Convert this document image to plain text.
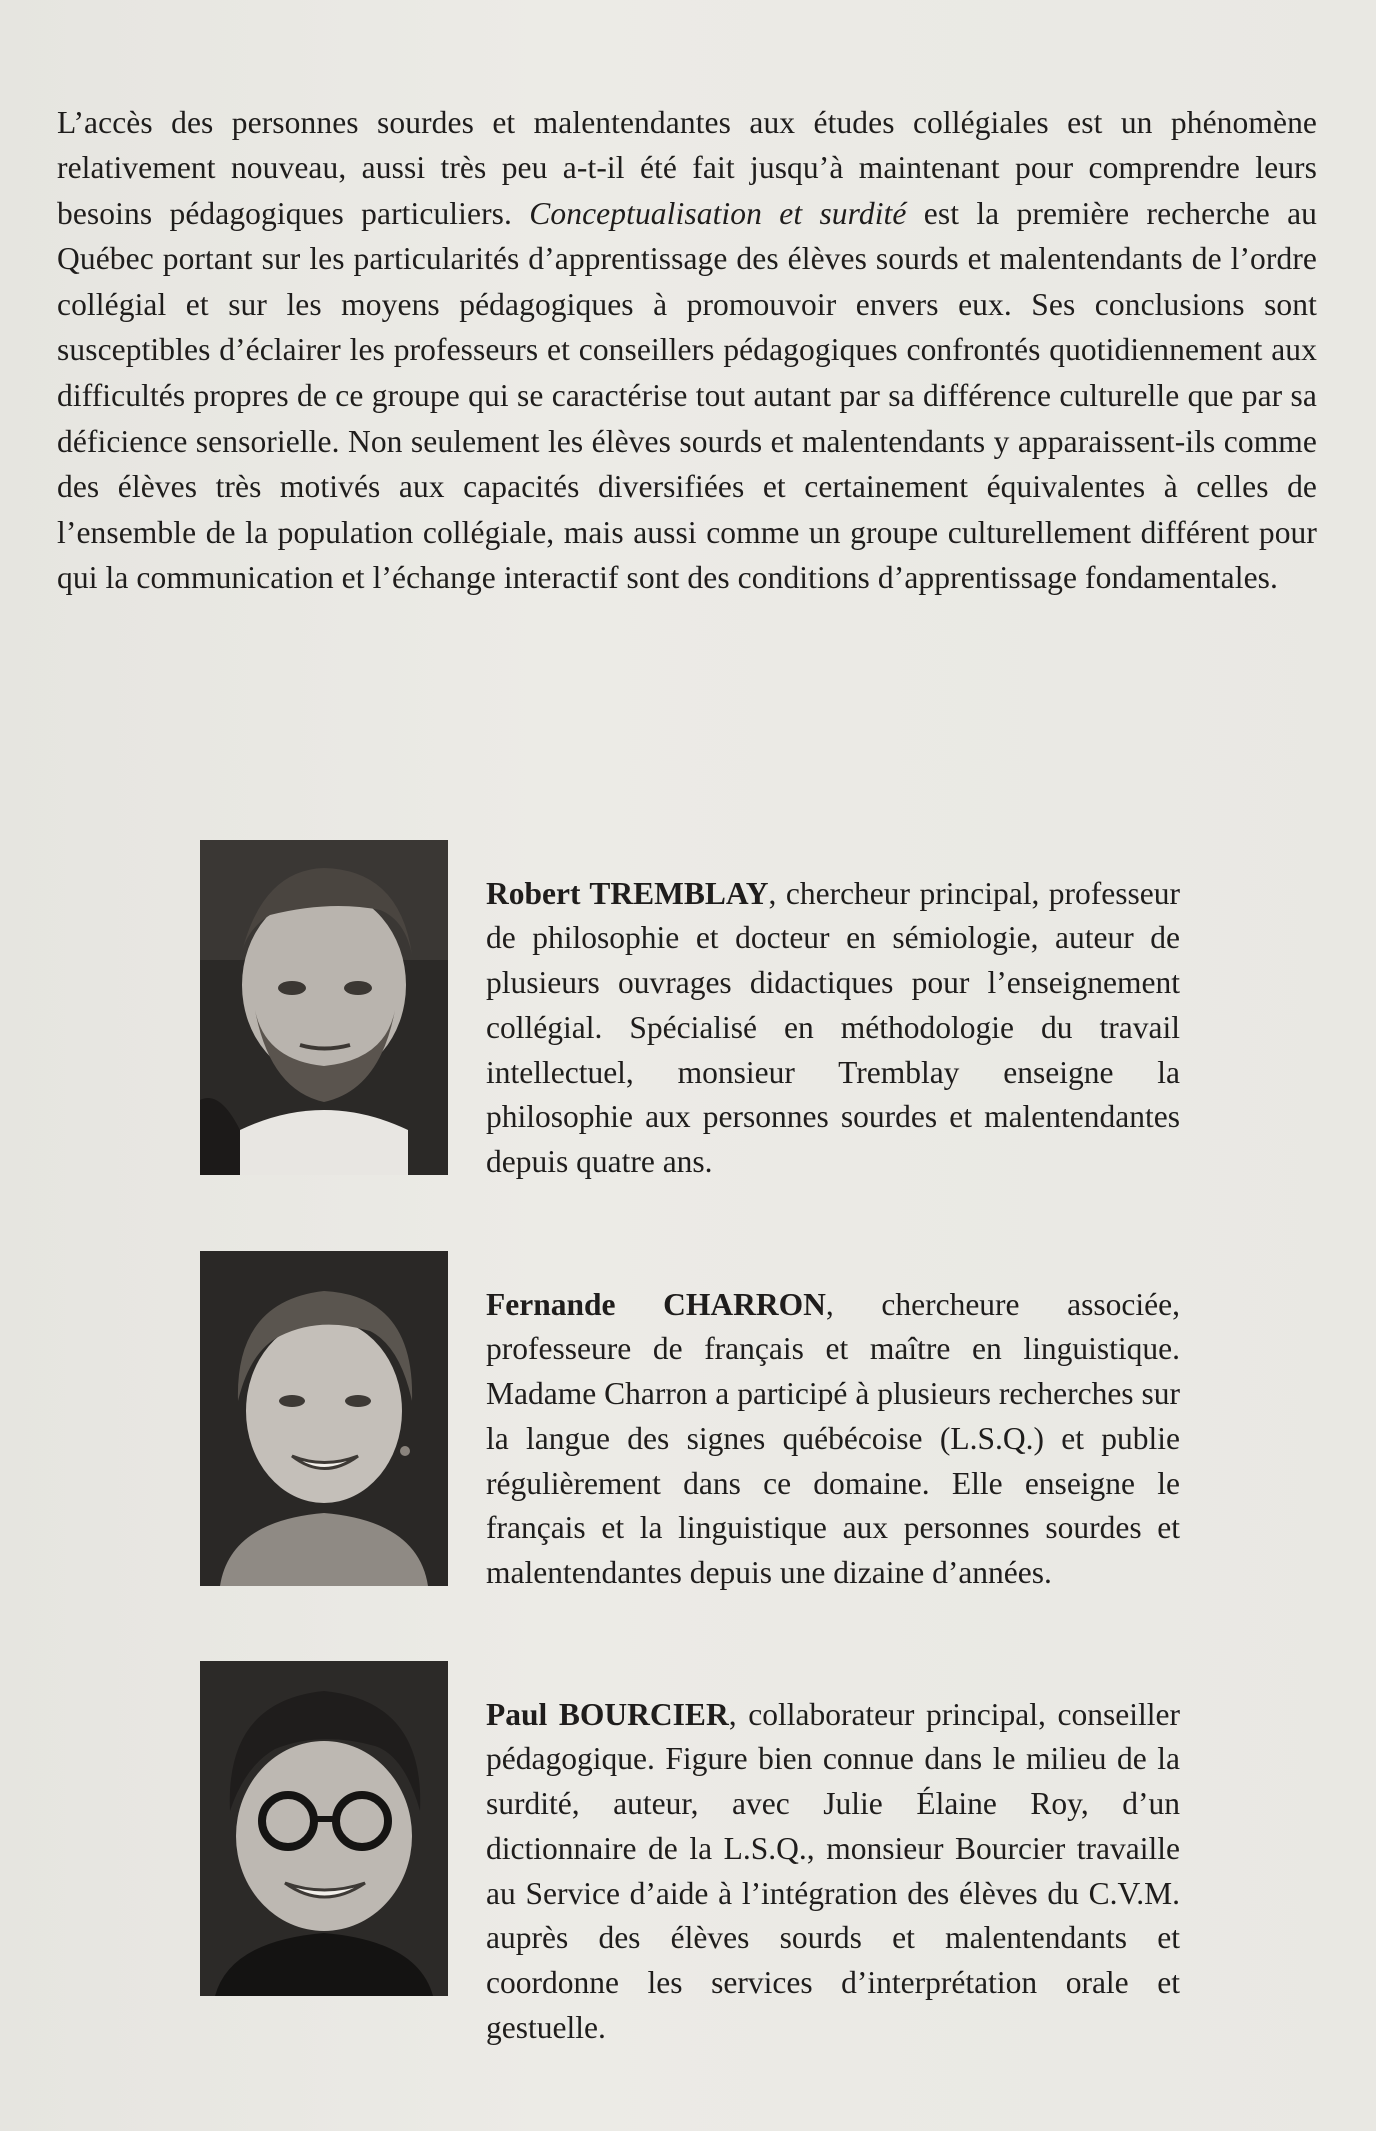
L’accès des personnes sourdes et malentendantes aux études collégiales est un phénomène relativement nouveau, aussi très peu a-t-il été fait jusqu’à maintenant pour comprendre leurs besoins pédagogiques particuliers. Conceptualisation et surdité est la première recherche au Québec portant sur les particularités d’apprentissage des élèves sourds et malentendants de l’ordre collégial et sur les moyens pédagogiques à promouvoir envers eux. Ses conclusions sont susceptibles d’éclairer les professeurs et conseillers pédagogiques confrontés quotidiennement aux difficultés propres de ce groupe qui se caractérise tout autant par sa différence culturelle que par sa déficience sensorielle. Non seulement les élèves sourds et malentendants y apparaissent-ils comme des élèves très motivés aux capacités diversifiées et certainement équivalentes à celles de l’ensemble de la population collégiale, mais aussi comme un groupe culturellement différent pour qui la communication et l’échange interactif sont des conditions d’apprentissage fondamentales.

Robert TREMBLAY, chercheur principal, professeur de philosophie et docteur en sémiologie, auteur de plusieurs ouvrages didactiques pour l’enseignement collégial. Spécialisé en méthodologie du travail intellectuel, monsieur Tremblay enseigne la philosophie aux personnes sourdes et malentendantes depuis quatre ans.

Fernande CHARRON, chercheure associée, professeure de français et maître en linguistique. Madame Charron a participé à plusieurs recherches sur la langue des signes québécoise (L.S.Q.) et publie régulièrement dans ce domaine. Elle enseigne le français et la linguistique aux personnes sourdes et malentendantes depuis une dizaine d’années.

Paul BOURCIER, collaborateur principal, conseiller pédagogique. Figure bien connue dans le milieu de la surdité, auteur, avec Julie Élaine Roy, d’un dictionnaire de la L.S.Q., monsieur Bourcier travaille au Service d’aide à l’intégration des élèves du C.V.M. auprès des élèves sourds et malentendants et coordonne les services d’interprétation orale et gestuelle.
